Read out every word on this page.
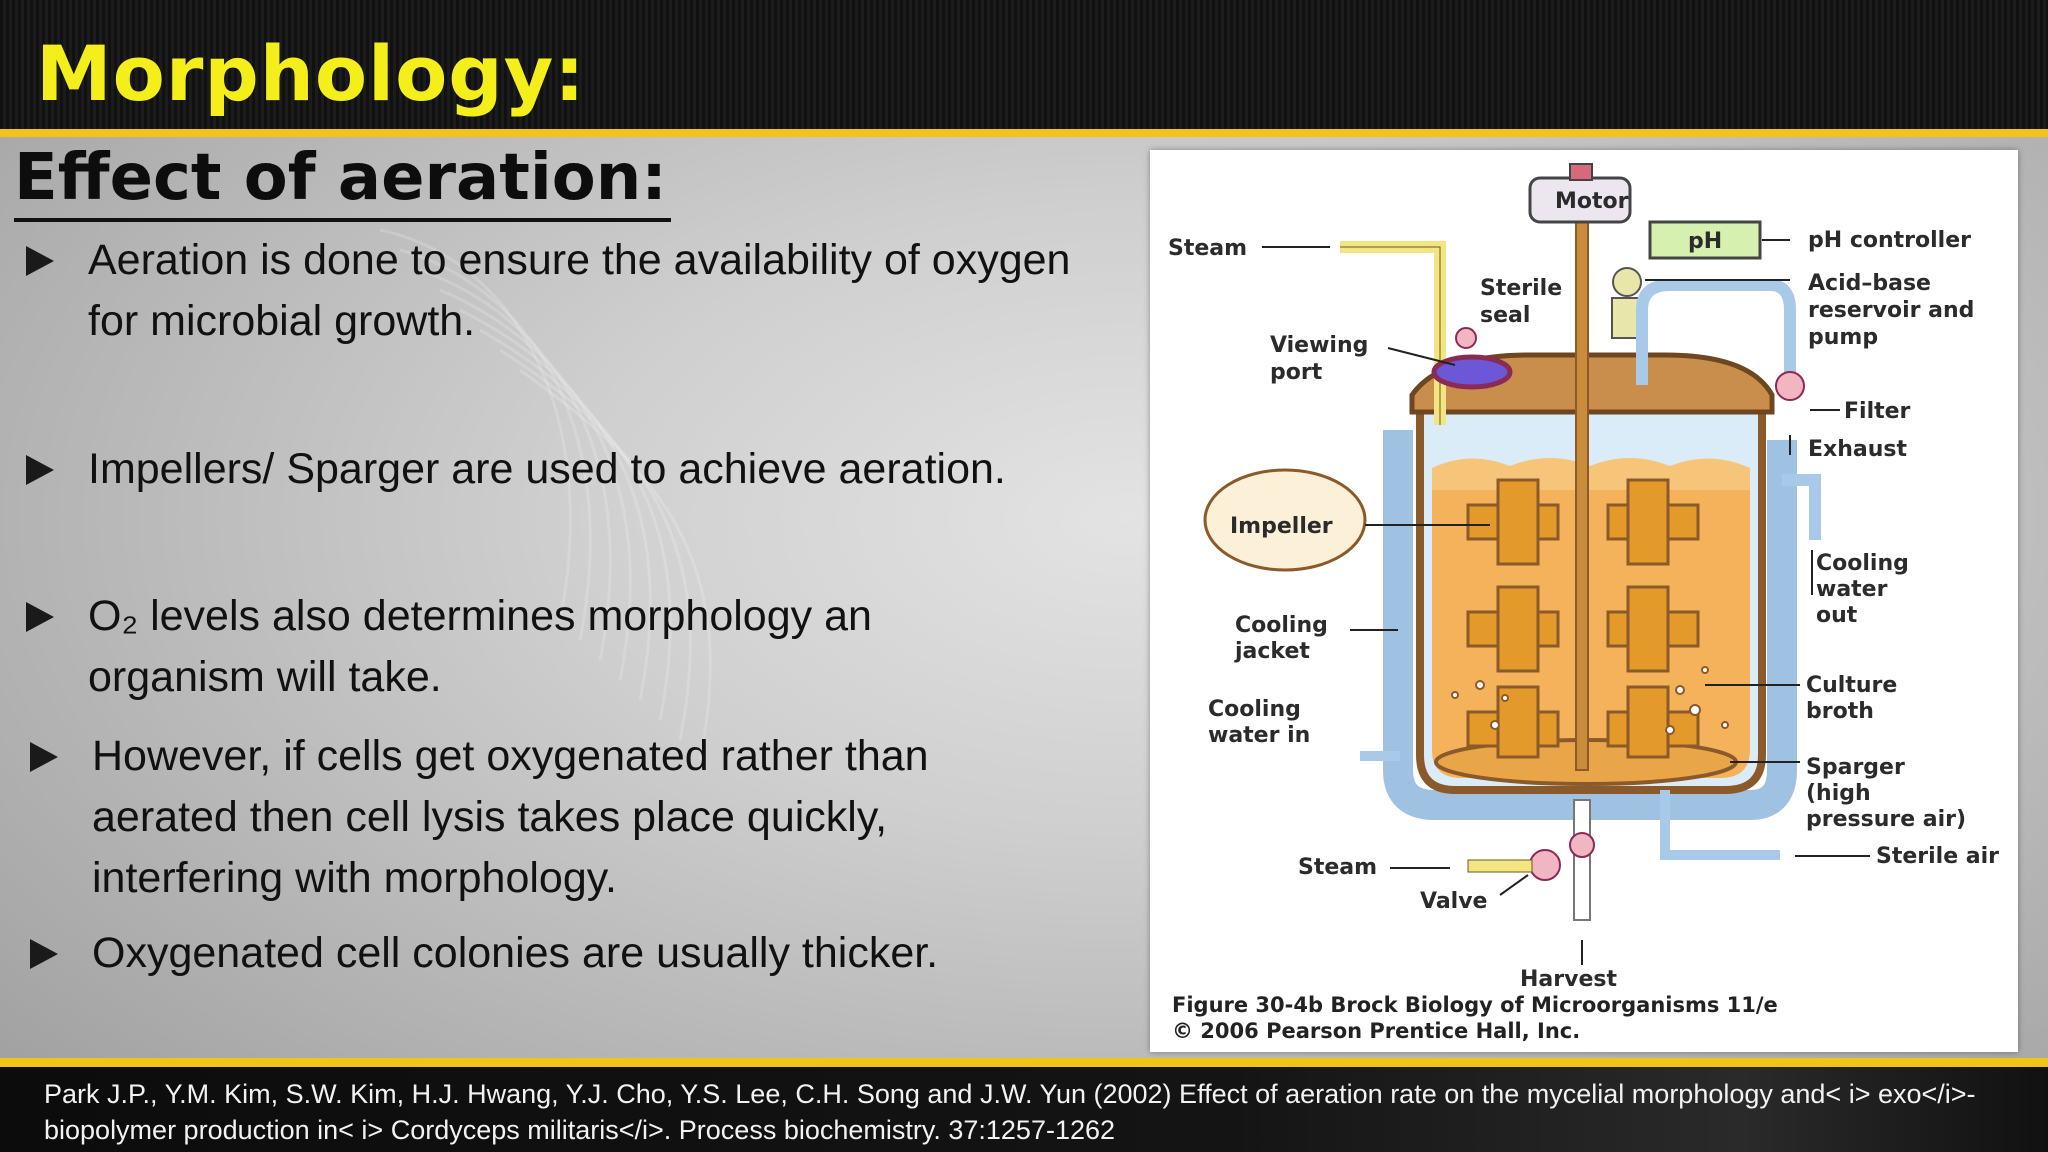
Morphology:
Effect of aeration:
Aeration is done to ensure the availability of oxygen for microbial growth.
Impellers/ Sparger are used to achieve aeration.
O₂ levels also determines morphology an organism will take.
However, if cells get oxygenated rather than aerated then cell lysis takes place quickly, interfering with morphology.
Oxygenated cell colonies are usually thicker.
Steam
Motor
pH	pH controller
Sterile
seal
Acid–base
reservoir and
pump
Viewing
port
Filter
Exhaust
Impeller
Cooling
water
out
Cooling
jacket
Culture
broth
Cooling
water in
Sparger
(high
pressure air)
Sterile air
Steam
Valve
Harvest
Figure 30-4b Brock Biology of Microorganisms 11/e
© 2006 Pearson Prentice Hall, Inc.
Park J.P., Y.M. Kim, S.W. Kim, H.J. Hwang, Y.J. Cho, Y.S. Lee, C.H. Song and J.W. Yun (2002) Effect of aeration rate on the mycelial morphology and< i> exo</i>-biopolymer production in< i> Cordyceps militaris</i>. Process biochemistry. 37:1257-1262
